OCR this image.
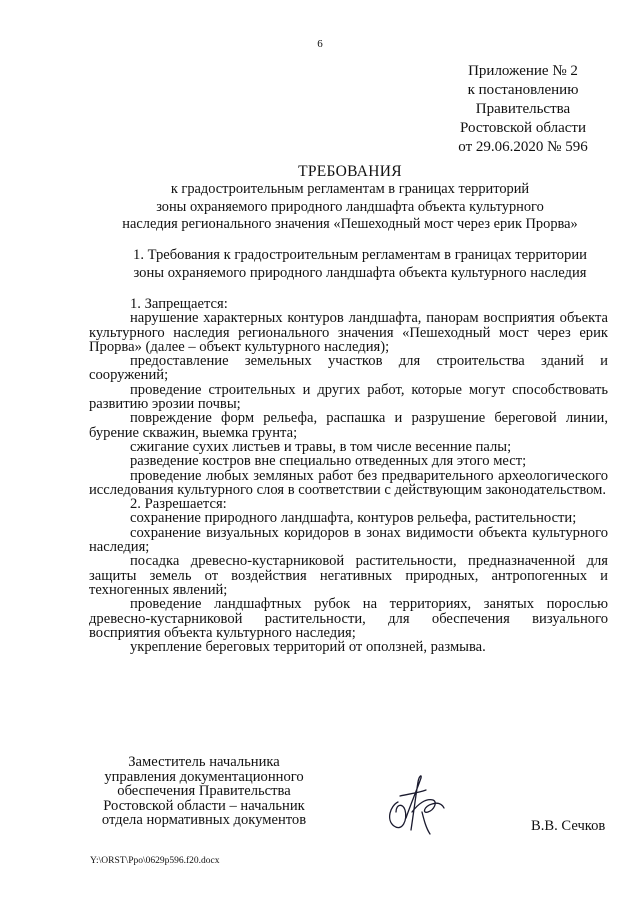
6
Приложение № 2
к постановлению
Правительства
Ростовской области
от 29.06.2020 № 596
ТРЕБОВАНИЯ
к градостроительным регламентам в границах территорий
зоны охраняемого природного ландшафта объекта культурного
наследия регионального значения «Пешеходный мост через ерик Прорва»
1. Требования к градостроительным регламентам в границах территории
зоны охраняемого природного ландшафта объекта культурного наследия

1. Запрещается:

нарушение характерных контуров ландшафта, панорам восприятия объекта культурного наследия регионального значения «Пешеходный мост через ерик Прорва» (далее – объект культурного наследия);

предоставление земельных участков для строительства зданий и сооружений;

проведение строительных и других работ, которые могут способствовать развитию эрозии почвы;

повреждение форм рельефа, распашка и разрушение береговой линии, бурение скважин, выемка грунта;

сжигание сухих листьев и травы, в том числе весенние палы;

разведение костров вне специально отведенных для этого мест;

проведение любых земляных работ без предварительного археологического исследования культурного слоя в соответствии с действующим законодательством.

2. Разрешается:

сохранение природного ландшафта, контуров рельефа, растительности;

сохранение визуальных коридоров в зонах видимости объекта культурного наследия;

посадка древесно-кустарниковой растительности, предназначенной для защиты земель от воздействия негативных природных, антропогенных и техногенных явлений;

проведение ландшафтных рубок на территориях, занятых порослью древесно-кустарниковой растительности, для обеспечения визуального восприятия объекта культурного наследия;

укрепление береговых территорий от оползней, размыва.

Заместитель начальника
управления документационного
обеспечения Правительства
Ростовской области – начальник
отдела нормативных документов	В.В. Сечков
Y:\ORST\Ppo\0629p596.f20.docx
